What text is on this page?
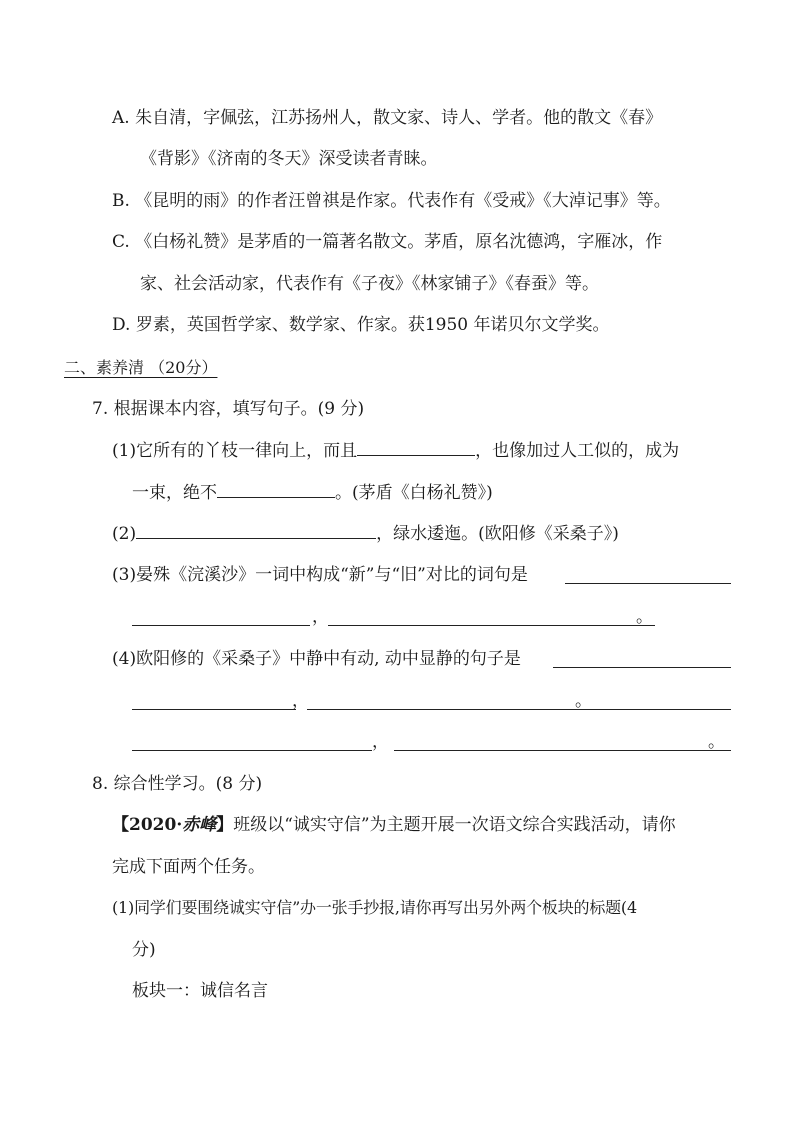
A. 朱自清，字佩弦，江苏扬州人，散文家、诗人、学者。他的散文《春》
《背影》《济南的冬天》深受读者青睐。
B. 《昆明的雨》的作者汪曾祺是作家。代表作有《受戒》《大淖记事》等。
C. 《白杨礼赞》是茅盾的一篇著名散文。茅盾，原名沈德鸿，字雁冰，作
家、社会活动家，代表作有《子夜》《林家铺子》《春蚕》等。
D. 罗素，英国哲学家、数学家、作家。获1950 年诺贝尔文学奖。
二、素养清 （20分）
7. 根据课本内容，填写句子。(9 分)
(1)它所有的丫枝一律向上，而且	，也像加过人工似的，成为
一束，绝不	。(茅盾《白杨礼赞》)
(2)	，绿水逶迤。(欧阳修《采桑子》)
(3)晏殊《浣溪沙》一词中构成“新”与“旧”对比的词句是
，	。
(4)欧阳修的《采桑子》中静中有动, 动中显静的句子是
，	。
，	。
8. 综合性学习。(8 分)
【2020·赤峰】班级以“诚实守信”为主题开展一次语文综合实践活动，请你
完成下面两个任务。
(1)同学们要围绕诚实守信”办一张手抄报,请你再写出另外两个板块的标题(4
分)
板块一：诚信名言
